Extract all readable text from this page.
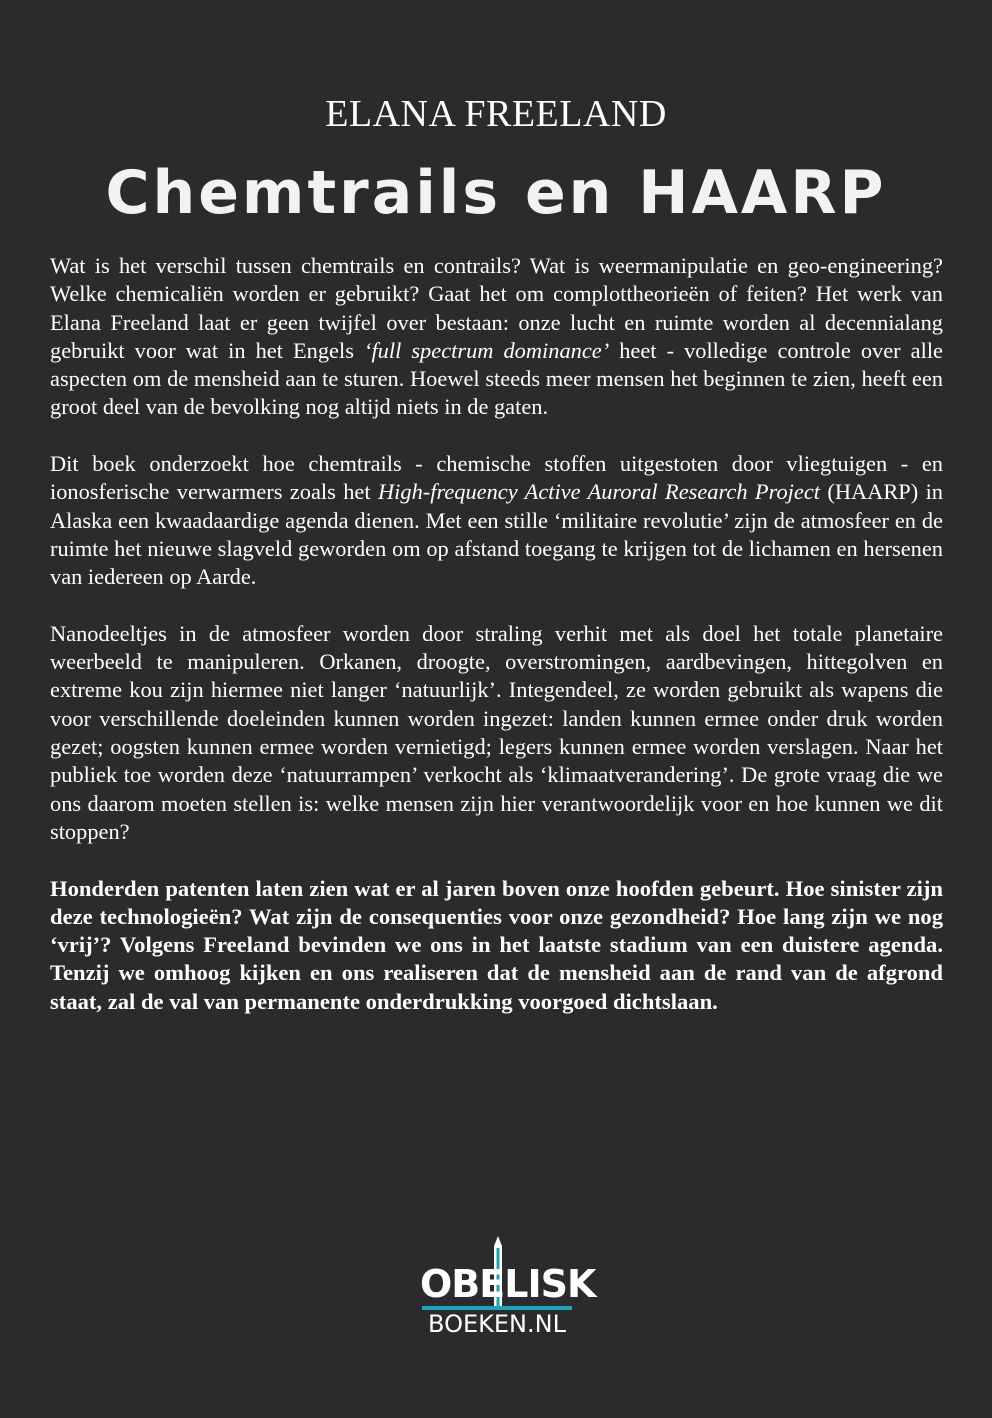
ELANA FREELAND
Chemtrails en HAARP

Wat is het verschil tussen chemtrails en contrails? Wat is weermanipulatie en geo-engineering? Welke chemicaliën worden er gebruikt? Gaat het om complottheorieën of feiten? Het werk van Elana Freeland laat er geen twijfel over bestaan: onze lucht en ruimte worden al decennialang gebruikt voor wat in het Engels ‘full spectrum dominance’ heet - volledige controle over alle aspecten om de mensheid aan te sturen. Hoewel steeds meer mensen het beginnen te zien, heeft een groot deel van de bevolking nog altijd niets in de gaten.

Dit boek onderzoekt hoe chemtrails - chemische stoffen uitgestoten door vliegtuigen - en ionosferische verwarmers zoals het High-frequency Active Auroral Research Project (HAARP) in Alaska een kwaadaardige agenda dienen. Met een stille ‘militaire revolutie’ zijn de atmosfeer en de ruimte het nieuwe slagveld geworden om op afstand toegang te krijgen tot de lichamen en hersenen van iedereen op Aarde.

Nanodeeltjes in de atmosfeer worden door straling verhit met als doel het totale planetaire weerbeeld te manipuleren. Orkanen, droogte, overstromingen, aardbevingen, hittegolven en extreme kou zijn hiermee niet langer ‘natuurlijk’. Integendeel, ze worden gebruikt als wapens die voor verschillende doeleinden kunnen worden ingezet: landen kunnen ermee onder druk worden gezet; oogsten kunnen ermee worden vernietigd; legers kunnen ermee worden verslagen. Naar het publiek toe worden deze ‘natuurrampen’ verkocht als ‘klimaatverandering’. De grote vraag die we ons daarom moeten stellen is: welke mensen zijn hier verantwoordelijk voor en hoe kunnen we dit stoppen?

Honderden patenten laten zien wat er al jaren boven onze hoofden gebeurt. Hoe sinister zijn deze technologieën? Wat zijn de consequenties voor onze gezondheid? Hoe lang zijn we nog ‘vrij’? Volgens Freeland bevinden we ons in het laatste stadium van een duistere agenda. Tenzij we omhoog kijken en ons realiseren dat de mensheid aan de rand van de afgrond staat, zal de val van permanente onderdrukking voorgoed dichtslaan.

OBELISK
BOEKEN.NL
